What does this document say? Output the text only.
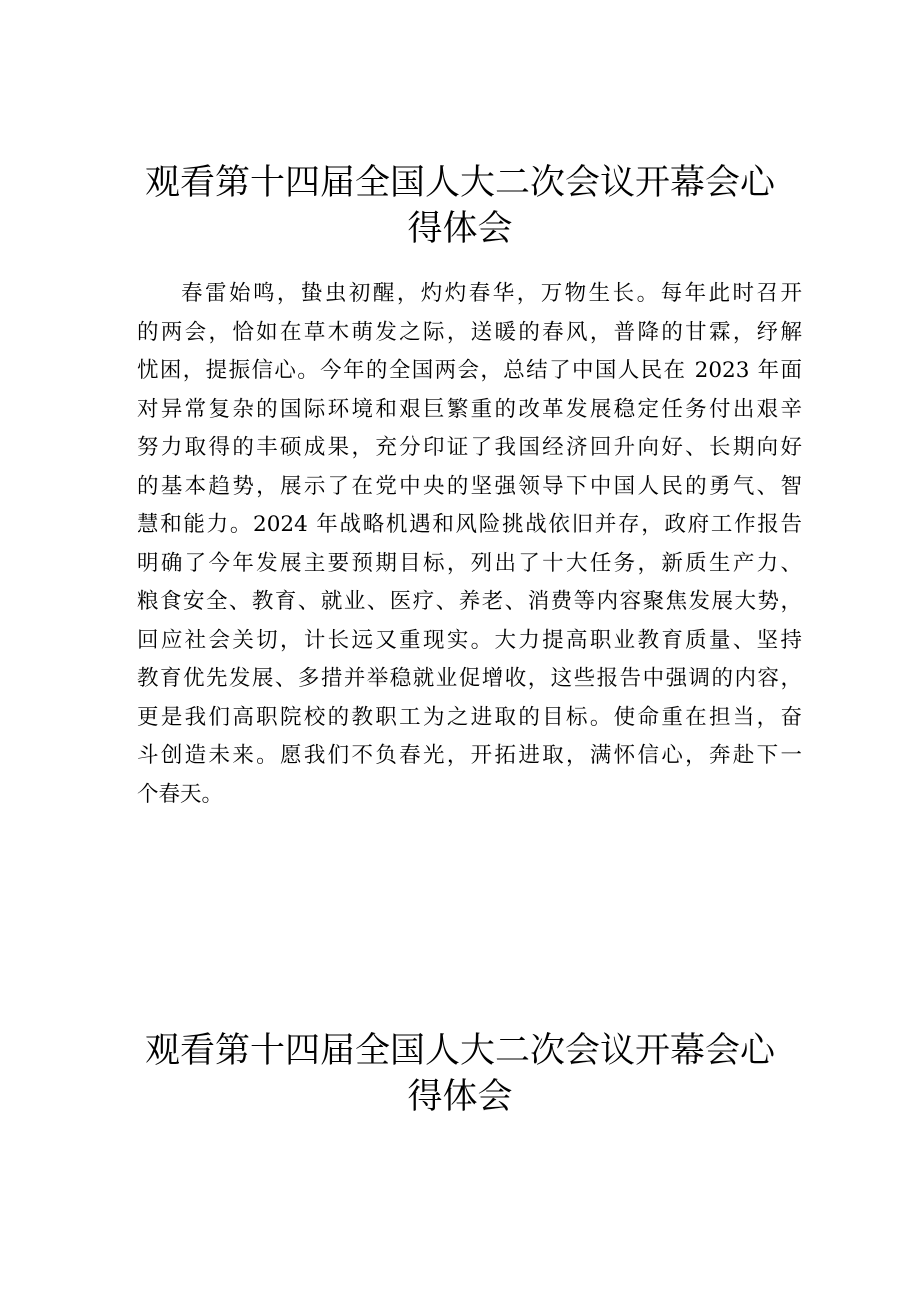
观看第十四届全国人大二次会议开幕会心
得体会

春雷始鸣，蛰虫初醒，灼灼春华，万物生长。每年此时召开
的两会，恰如在草木萌发之际，送暖的春风，普降的甘霖，纾解
忧困，提振信心。今年的全国两会，总结了中国人民在 2023 年面
对异常复杂的国际环境和艰巨繁重的改革发展稳定任务付出艰辛
努力取得的丰硕成果，充分印证了我国经济回升向好、长期向好
的基本趋势，展示了在党中央的坚强领导下中国人民的勇气、智
慧和能力。2024 年战略机遇和风险挑战依旧并存，政府工作报告
明确了今年发展主要预期目标，列出了十大任务，新质生产力、
粮食安全、教育、就业、医疗、养老、消费等内容聚焦发展大势，
回应社会关切，计长远又重现实。大力提高职业教育质量、坚持
教育优先发展、多措并举稳就业促增收，这些报告中强调的内容，
更是我们高职院校的教职工为之进取的目标。使命重在担当，奋
斗创造未来。愿我们不负春光，开拓进取，满怀信心，奔赴下一
个春天。

观看第十四届全国人大二次会议开幕会心
得体会
